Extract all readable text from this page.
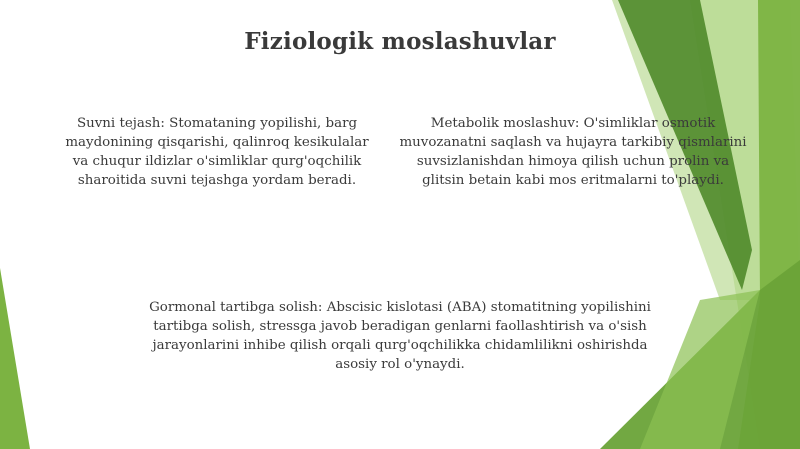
Fiziologik moslashuvlar
Suvni tejash: Stomataning yopilishi, barg maydonining qisqarishi, qalinroq kesikulalar va chuqur ildizlar o'simliklar qurg'oqchilik sharoitida suvni tejashga yordam beradi.
Metabolik moslashuv: O'simliklar osmotik muvozanatni saqlash va hujayra tarkibiy qismlarini suvsizlanishdan himoya qilish uchun prolin va glitsin betain kabi mos eritmalarni to'playdi.
Gormonal tartibga solish: Abscisic kislotasi (ABA) stomatitning yopilishini tartibga solish, stressga javob beradigan genlarni faollashtirish va o'sish jarayonlarini inhibe qilish orqali qurg'oqchilikka chidamlilikni oshirishda asosiy rol o'ynaydi.
